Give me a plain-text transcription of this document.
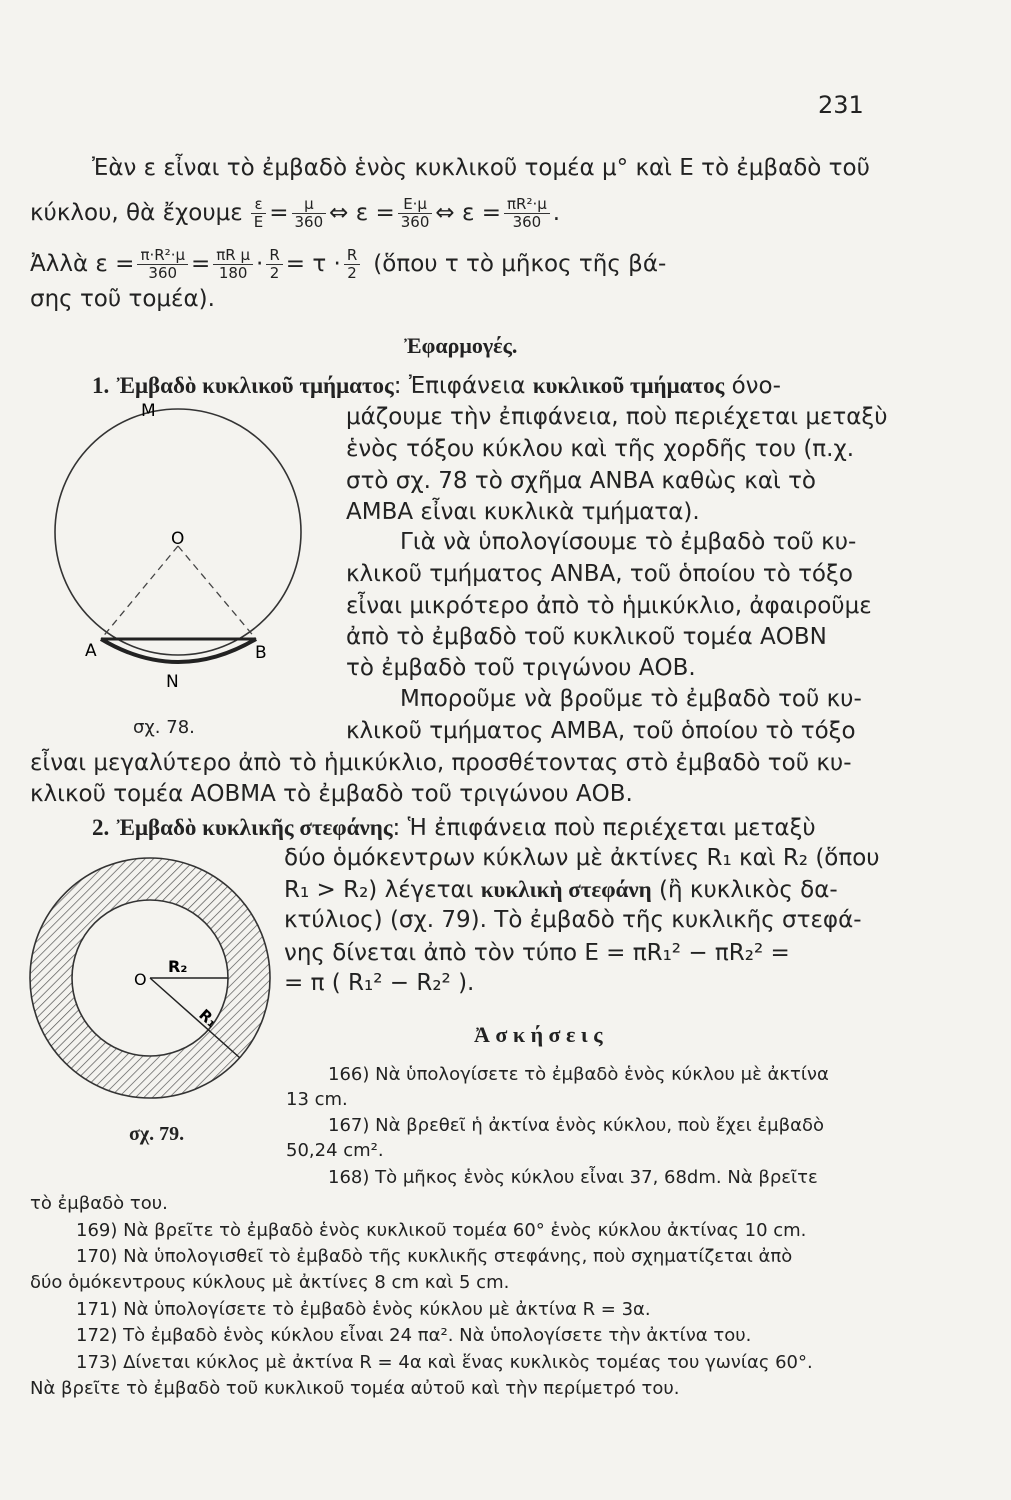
231
Ἐὰν ε εἶναι τὸ ἐμβαδὸ ἑνὸς κυκλικοῦ τομέα μ° καὶ Ε τὸ ἐμβαδὸ τοῦ
κύκλου, θὰ ἔχουμε $\frac{\varepsilon}{E} = \frac{\mu}{360}$ ⇔ $\varepsilon = \frac{E\cdot\mu}{360}$ ⇔ $\varepsilon = \frac{\text{πR²·μ}}{360}$ .
Ἀλλὰ $\varepsilon = \frac{\text{π·R²·μ}}{360} = \frac{\text{πR μ}}{180} \cdot \frac{R}{2} = \tau \cdot \frac{R}{2}$ (ὅπου τ τὸ μῆκος τῆς βά-
σης τοῦ τομέα).
Ἐφαρμογές.
1. Ἐμβαδὸ κυκλικοῦ τμήματος: Ἐπιφάνεια κυκλικοῦ τμήματος όνο-
μάζουμε τὴν ἐπιφάνεια, ποὺ περιέχεται μεταξὺ
ἑνὸς τόξου κύκλου καὶ τῆς χορδῆς του (π.χ.
στὸ σχ. 78 τὸ σχῆμα ΑΝΒΑ καθὼς καὶ τὸ
ΑΜΒΑ εἶναι κυκλικὰ τμήματα).
Γιὰ νὰ ὑπολογίσουμε τὸ ἐμβαδὸ τοῦ κυ-
κλικοῦ τμήματος ΑΝΒΑ, τοῦ ὁποίου τὸ τόξο
εἶναι μικρότερο ἀπὸ τὸ ἡμικύκλιο, ἀφαιροῦμε
ἀπὸ τὸ ἐμβαδὸ τοῦ κυκλικοῦ τομέα ΑΟΒΝ
τὸ ἐμβαδὸ τοῦ τριγώνου ΑΟΒ.
Μποροῦμε νὰ βροῦμε τὸ ἐμβαδὸ τοῦ κυ-
κλικοῦ τμήματος ΑΜΒΑ, τοῦ ὁποίου τὸ τόξο
εἶναι μεγαλύτερο ἀπὸ τὸ ἡμικύκλιο, προσθέτοντας στὸ ἐμβαδὸ τοῦ κυ-
κλικοῦ τομέα ΑΟΒΜΑ τὸ ἐμβαδὸ τοῦ τριγώνου ΑΟΒ.
Μ
Ο
Α	Β
Ν
σχ. 78.
2. Ἐμβαδὸ κυκλικῆς στεφάνης: Ἡ ἐπιφάνεια ποὺ περιέχεται μεταξὺ
δύο ὁμόκεντρων κύκλων μὲ ἀκτίνες R₁ καὶ R₂ (ὅπου
R₁ > R₂) λέγεται κυκλικὴ στεφάνη (ἢ κυκλικὸς δα-
κτύλιος) (σχ. 79). Τὸ ἐμβαδὸ τῆς κυκλικῆς στεφά-
νης δίνεται ἀπὸ τὸν τύπο Ε = πR₁² − πR₂² =
= π ( R₁² − R₂² ).
Ο
R₂
R₁
σχ. 79.
Ἀ σ κ ή σ ε ι ς
166) Νὰ ὑπολογίσετε τὸ ἐμβαδὸ ἑνὸς κύκλου μὲ ἀκτίνα
13 cm.
167) Νὰ βρεθεῖ ἡ ἀκτίνα ἑνὸς κύκλου, ποὺ ἔχει ἐμβαδὸ
50,24 cm².
168) Τὸ μῆκος ἑνὸς κύκλου εἶναι 37, 68dm. Νὰ βρεῖτε
τὸ ἐμβαδὸ του.
169) Νὰ βρεῖτε τὸ ἐμβαδὸ ἑνὸς κυκλικοῦ τομέα 60° ἑνὸς κύκλου ἀκτίνας 10 cm.
170) Νὰ ὑπολογισθεῖ τὸ ἐμβαδὸ τῆς κυκλικῆς στεφάνης, ποὺ σχηματίζεται ἀπὸ
δύο ὁμόκεντρους κύκλους μὲ ἀκτίνες 8 cm καὶ 5 cm.
171) Νὰ ὑπολογίσετε τὸ ἐμβαδὸ ἑνὸς κύκλου μὲ ἀκτίνα R = 3α.
172) Τὸ ἐμβαδὸ ἑνὸς κύκλου εἶναι 24 πα². Νὰ ὑπολογίσετε τὴν ἀκτίνα του.
173) Δίνεται κύκλος μὲ ἀκτίνα R = 4α καὶ ἕνας κυκλικὸς τομέας του γωνίας 60°.
Νὰ βρεῖτε τὸ ἐμβαδὸ τοῦ κυκλικοῦ τομέα αὐτοῦ καὶ τὴν περίμετρό του.
